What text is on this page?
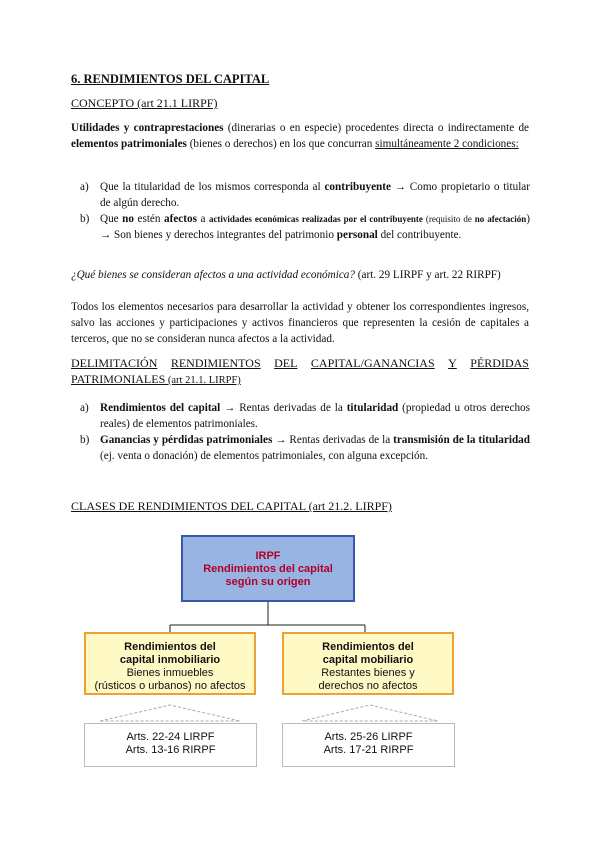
6. RENDIMIENTOS DEL CAPITAL
CONCEPTO (art 21.1 LIRPF)
Utilidades y contraprestaciones (dinerarias o en especie) procedentes directa o indirectamente de elementos patrimoniales (bienes o derechos) en los que concurran simultáneamente 2 condiciones:
a)	Que la titularidad de los mismos corresponda al contribuyente → Como propietario o titular de algún derecho.
b) Que no estén afectos a actividades económicas realizadas por el contribuyente (requisito de no afectación) → Son bienes y derechos integrantes del patrimonio personal del contribuyente.
¿Qué bienes se consideran afectos a una actividad económica? (art. 29 LIRPF y art. 22 RIRPF)
Todos los elementos necesarios para desarrollar la actividad y obtener los correspondientes ingresos, salvo las acciones y participaciones y activos financieros que representen la cesión de capitales a terceros, que no se consideran nunca afectos a la actividad.
DELIMITACIÓN RENDIMIENTOS DEL CAPITAL/GANANCIAS Y PÉRDIDAS
PATRIMONIALES (art 21.1. LIRPF)
a)	Rendimientos del capital → Rentas derivadas de la titularidad (propiedad u otros derechos reales) de elementos patrimoniales.
b) Ganancias y pérdidas patrimoniales → Rentas derivadas de la transmisión de la titularidad (ej. venta o donación) de elementos patrimoniales, con alguna excepción.
CLASES DE RENDIMIENTOS DEL CAPITAL (art 21.2. LIRPF)
IRPF
Rendimientos del capital
según su origen
Rendimientos del
capital inmobiliario
Bienes inmuebles
(rústicos o urbanos) no afectos
Rendimientos del
capital mobiliario
Restantes bienes y
derechos no afectos
Arts. 22-24 LIRPF
Arts. 13-16 RIRPF
Arts. 25-26 LIRPF
Arts. 17-21 RIRPF
